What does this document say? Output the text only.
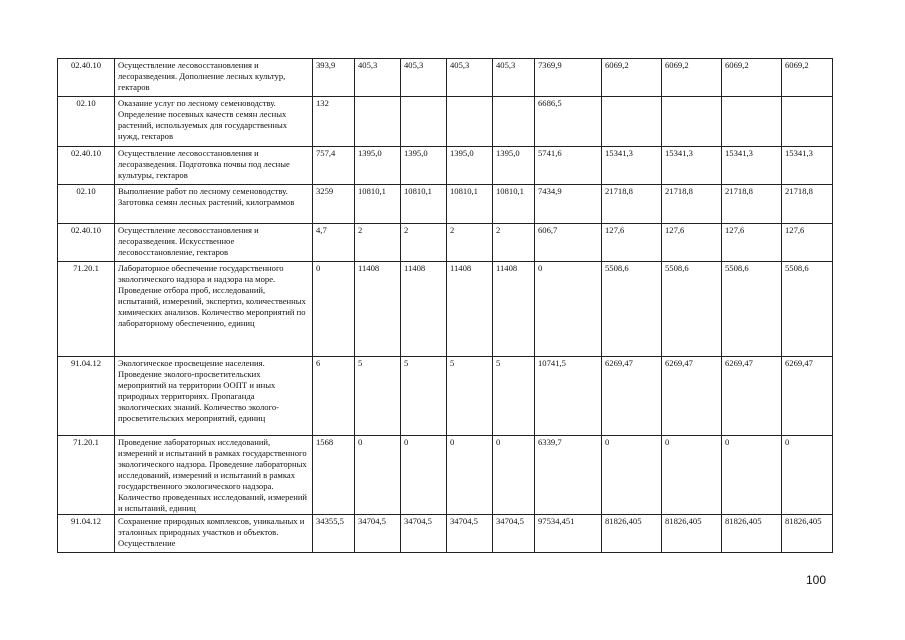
02.40.10	Осуществление лесовосстановления и лесоразведения. Дополнение лесных культур, гектаров	393,9	405,3	405,3	405,3	405,3	7369,9	6069,2	6069,2	6069,2	6069,2
02.10	Оказание услуг по лесному семеноводству. Определение посевных качеств семян лесных растений, используемых для государственных нужд, гектаров	132					6686,5				
02.40.10	Осуществление лесовосстановления и лесоразведения. Подготовка почвы под лесные культуры, гектаров	757,4	1395,0	1395,0	1395,0	1395,0	5741,6	15341,3	15341,3	15341,3	15341,3
02.10	Выполнение работ по лесному семеноводству. Заготовка семян лесных растений, килограммов	3259	10810,1	10810,1	10810,1	10810,1	7434,9	21718,8	21718,8	21718,8	21718,8
02.40.10	Осуществление лесовосстановления и лесоразведения. Искусственное лесовосстановление, гектаров	4,7	2	2	2	2	606,7	127,6	127,6	127,6	127,6
71.20.1	Лабораторное обеспечение государственного экологического надзора и надзора на море. Проведение отбора проб, исследований, испытаний, измерений, экспертиз, количественных химических анализов. Количество мероприятий по лабораторному обеспечению, единиц	0	11408	11408	11408	11408	0	5508,6	5508,6	5508,6	5508,6
91.04.12	Экологическое просвещение населения. Проведение эколого-просветительских мероприятий на территории ООПТ и иных природных территориях. Пропаганда экологических знаний. Количество эколого-просветительских мероприятий, единиц	6	5	5	5	5	10741,5	6269,47	6269,47	6269,47	6269,47
71.20.1	Проведение лабораторных исследований, измерений и испытаний в рамках государственного экологического надзора. Проведение лабораторных исследований, измерений и испытаний в рамках государственного экологического надзора. Количество проведенных исследований, измерений и испытаний, единиц	1568	0	0	0	0	6339,7	0	0	0	0
91.04.12	Сохранение природных комплексов, уникальных и эталонных природных участков и объектов. Осуществление	34355,5	34704,5	34704,5	34704,5	34704,5	97534,451	81826,405	81826,405	81826,405	81826,405
100
